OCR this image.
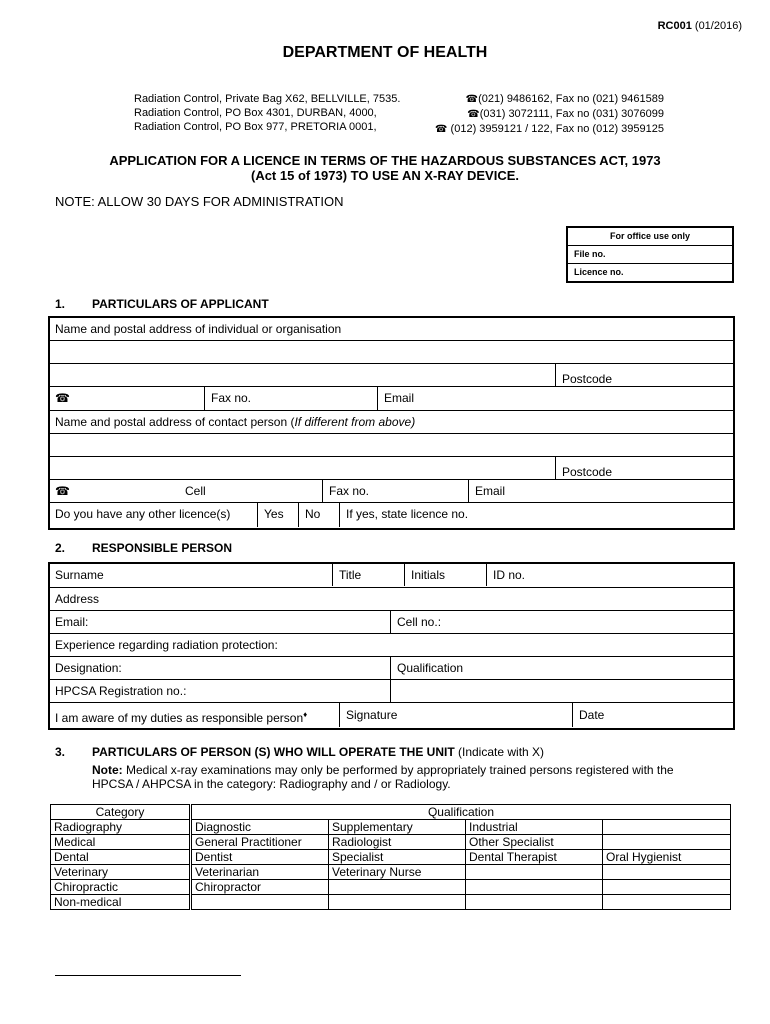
RC001 (01/2016)
DEPARTMENT OF HEALTH
Radiation Control, Private Bag X62, BELLVILLE, 7535.
Radiation Control, PO Box 4301, DURBAN, 4000,
Radiation Control, PO Box 977, PRETORIA 0001,
☎(021) 9486162, Fax no (021) 9461589
☎(031) 3072111, Fax no (031) 3076099
☎ (012) 3959121 / 122, Fax no (012) 3959125
APPLICATION FOR A LICENCE IN TERMS OF THE HAZARDOUS SUBSTANCES ACT, 1973
(Act 15 of 1973) TO USE AN X-RAY DEVICE.
NOTE: ALLOW 30 DAYS FOR ADMINISTRATION
For office use only
File no.
Licence no.
1. PARTICULARS OF APPLICANT
Name and postal address of individual or organisation
Postcode
☎	Fax no.	Email
Name and postal address of contact person (If different from above)
Postcode
☎	Cell	Fax no.	Email
Do you have any other licence(s)	Yes	No	If yes, state licence no.
2. RESPONSIBLE PERSON
Surname	Title	Initials	ID no.
Address
Email:	Cell no.:
Experience regarding radiation protection:
Designation:	Qualification
HPCSA Registration no.:
I am aware of my duties as responsible person♦	Signature	Date
3. PARTICULARS OF PERSON (S) WHO WILL OPERATE THE UNIT (Indicate with X)
Note: Medical x-ray examinations may only be performed by appropriately trained persons registered with the
HPCSA / AHPCSA in the category: Radiography and / or Radiology.
Category		Qualification			
Radiography		Diagnostic	Supplementary	Industrial	
Medical		General Practitioner	Radiologist	Other Specialist	
Dental		Dentist	Specialist	Dental Therapist	Oral Hygienist
Veterinary		Veterinarian	Veterinary Nurse		
Chiropractic		Chiropractor			
Non-medical					
